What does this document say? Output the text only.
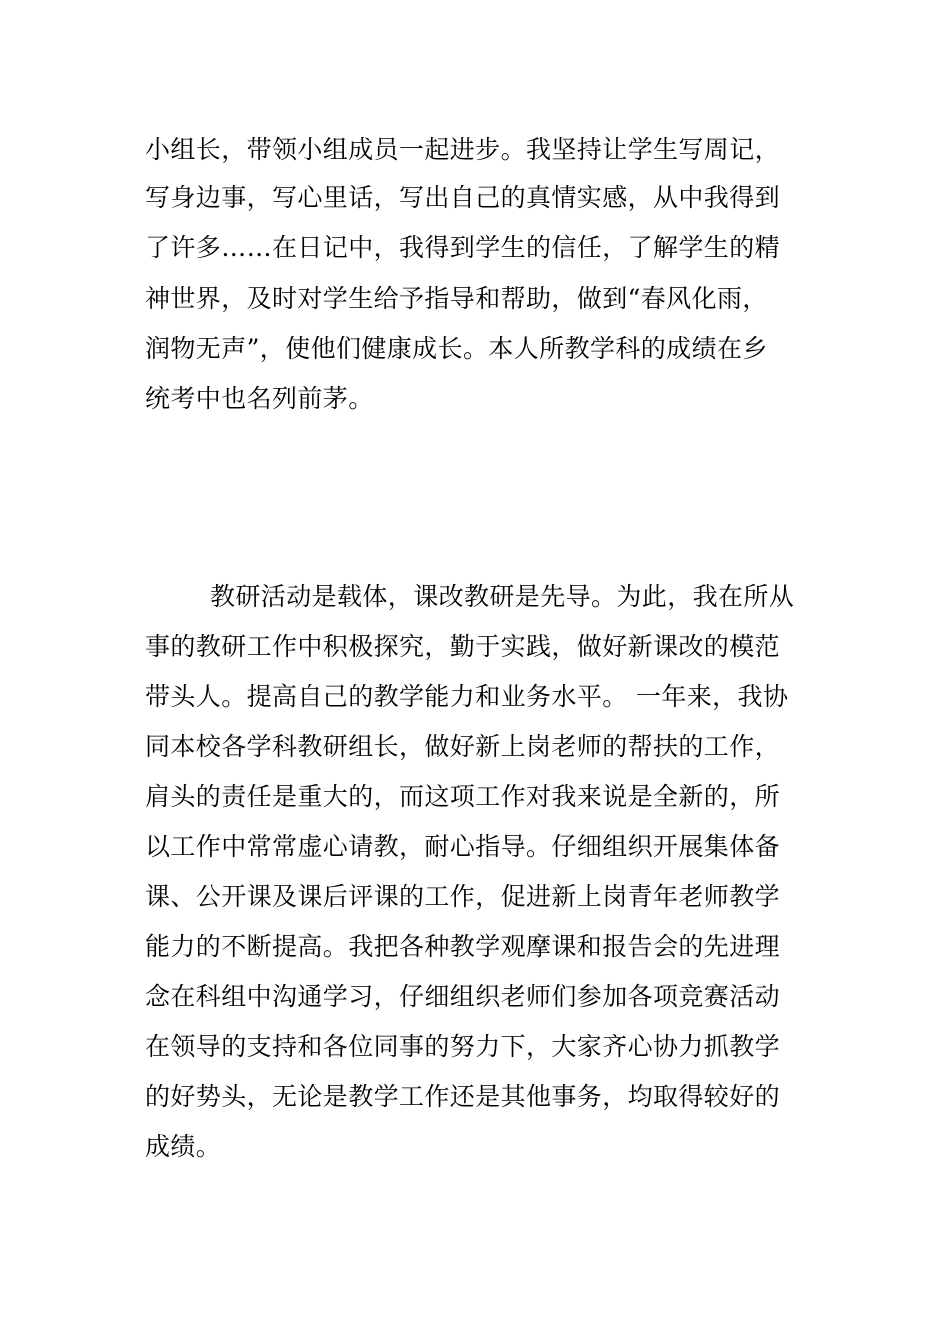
小组长，带领小组成员一起进步。我坚持让学生写周记，
写身边事，写心里话，写出自己的真情实感，从中我得到
了许多……在日记中，我得到学生的信任，了解学生的精
神世界，及时对学生给予指导和帮助，做到“春风化雨，
润物无声”，使他们健康成长。本人所教学科的成绩在乡
统考中也名列前茅。
教研活动是载体，课改教研是先导。为此，我在所从
事的教研工作中积极探究，勤于实践，做好新课改的模范
带头人。提高自己的教学能力和业务水平。 一年来，我协
同本校各学科教研组长，做好新上岗老师的帮扶的工作，
肩头的责任是重大的，而这项工作对我来说是全新的，所
以工作中常常虚心请教，耐心指导。仔细组织开展集体备
课、公开课及课后评课的工作，促进新上岗青年老师教学
能力的不断提高。我把各种教学观摩课和报告会的先进理
念在科组中沟通学习，仔细组织老师们参加各项竞赛活动
在领导的支持和各位同事的努力下，大家齐心协力抓教学
的好势头，无论是教学工作还是其他事务，均取得较好的
成绩。
